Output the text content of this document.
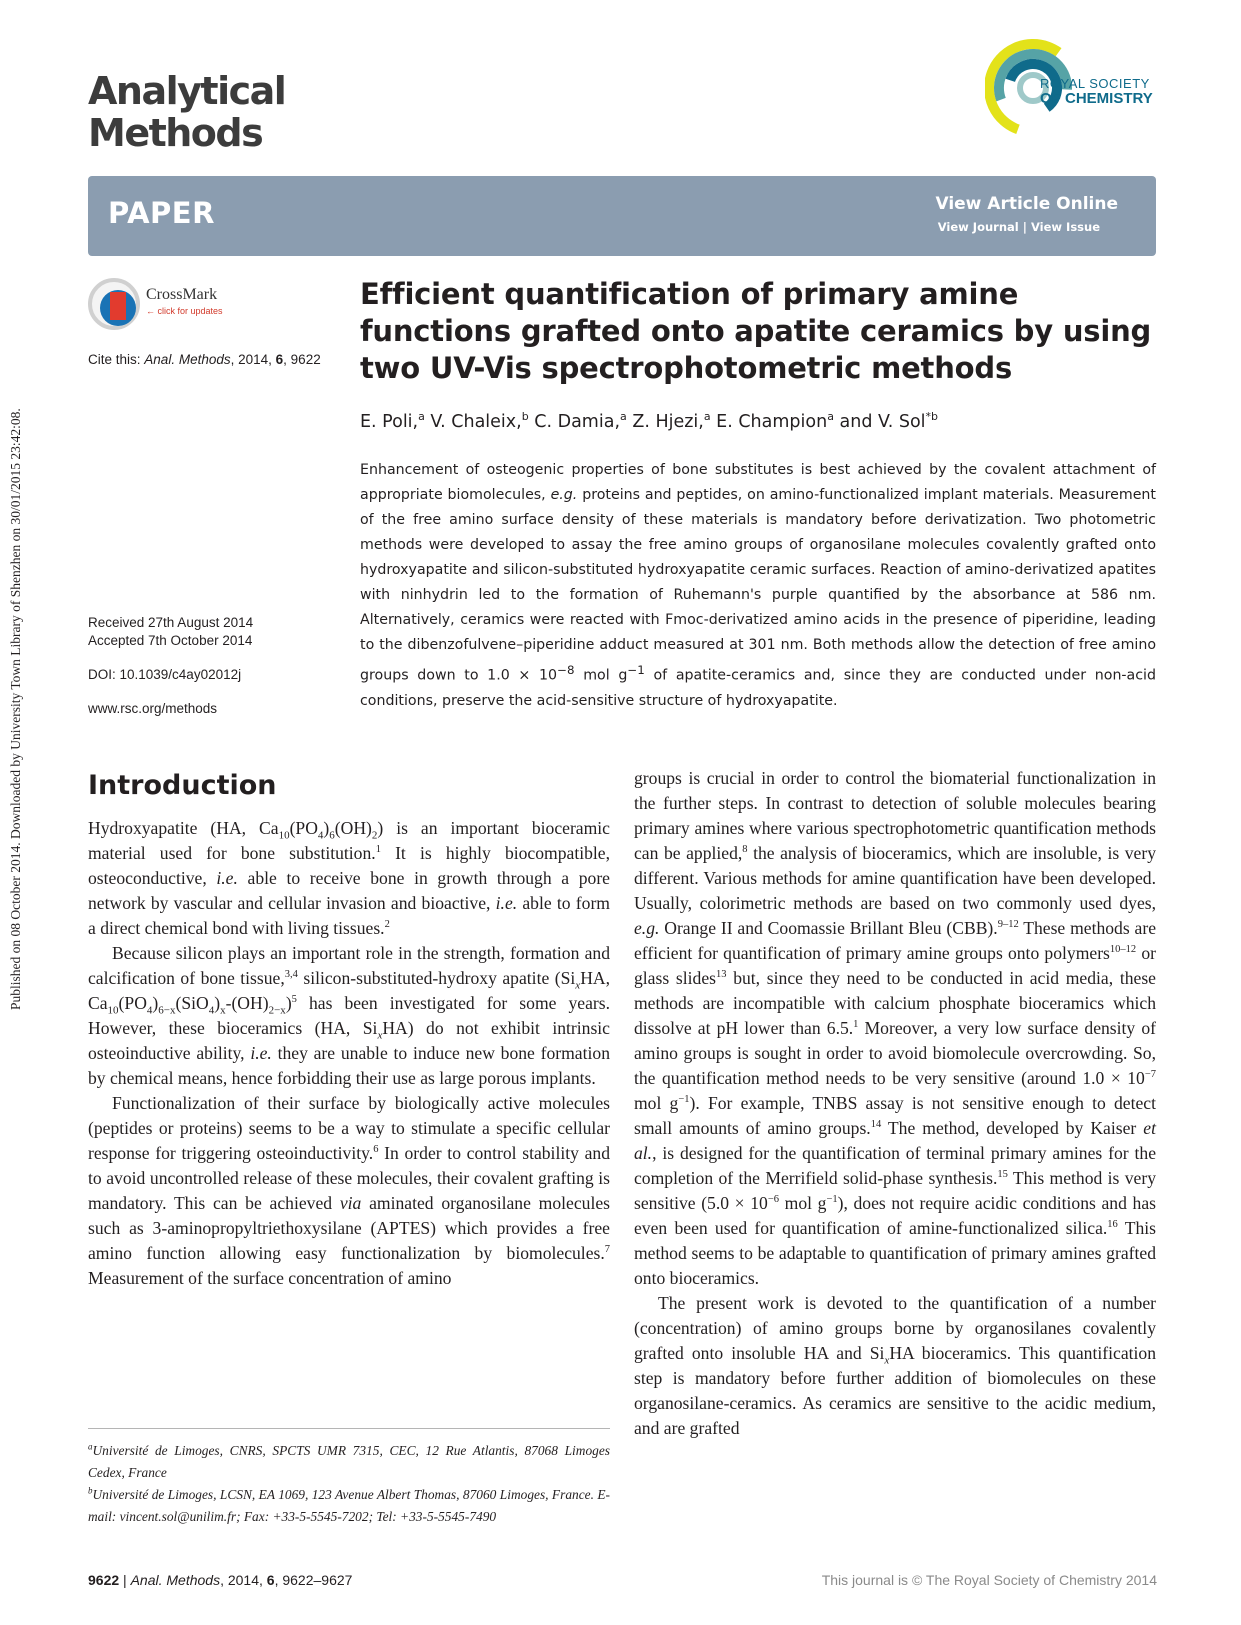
Published on 08 October 2014. Downloaded by University Town Library of Shenzhen on 30/01/2015 23:42:08.
Analytical
Methods
ROYAL SOCIETY
OF CHEMISTRY
PAPER	View Article Online
View Journal | View Issue
CrossMark
← click for updates
Cite this: Anal. Methods, 2014, 6, 9622
Received 27th August 2014
Accepted 7th October 2014
DOI: 10.1039/c4ay02012j
www.rsc.org/methods
Efficient quantification of primary amine functions grafted onto apatite ceramics by using two UV-Vis spectrophotometric methods
E. Poli,$^a$ V. Chaleix,$^b$ C. Damia,$^a$ Z. Hjezi,$^a$ E. Champion$^a$ and V. Sol$^{*b}$
Enhancement of osteogenic properties of bone substitutes is best achieved by the covalent attachment of appropriate biomolecules, e.g. proteins and peptides, on amino-functionalized implant materials. Measurement of the free amino surface density of these materials is mandatory before derivatization. Two photometric methods were developed to assay the free amino groups of organosilane molecules covalently grafted onto hydroxyapatite and silicon-substituted hydroxyapatite ceramic surfaces. Reaction of amino-derivatized apatites with ninhydrin led to the formation of Ruhemann's purple quantified by the absorbance at 586 nm. Alternatively, ceramics were reacted with Fmoc-derivatized amino acids in the presence of piperidine, leading to the dibenzofulvene–piperidine adduct measured at 301 nm. Both methods allow the detection of free amino groups down to $1.0 \times 10^{-8}$ mol $g^{-1}$ of apatite-ceramics and, since they are conducted under non-acid conditions, preserve the acid-sensitive structure of hydroxyapatite.
Introduction

Hydroxyapatite (HA, $Ca_{10}(PO_4)_6(OH)_2$) is an important bioceramic material used for bone substitution.$^1$ It is highly biocompatible, osteoconductive, i.e. able to receive bone in growth through a pore network by vascular and cellular invasion and bioactive, i.e. able to form a direct chemical bond with living tissues.$^2$

Because silicon plays an important role in the strength, formation and calcification of bone tissue,$^{3,4}$ silicon-substituted-hydroxy apatite ($Si_xHA$, $Ca_{10}(PO_4)_{6-x}(SiO_4)_x-(OH)_{2-x})^5$ has been investigated for some years. However, these bioceramics (HA, $Si_xHA$) do not exhibit intrinsic osteoinductive ability, i.e. they are unable to induce new bone formation by chemical means, hence forbidding their use as large porous implants.

Functionalization of their surface by biologically active molecules (peptides or proteins) seems to be a way to stimulate a specific cellular response for triggering osteoinductivity.$^6$ In order to control stability and to avoid uncontrolled release of these molecules, their covalent grafting is mandatory. This can be achieved via aminated organosilane molecules such as 3-aminopropyltriethoxysilane (APTES) which provides a free amino function allowing easy functionalization by biomolecules.$^7$ Measurement of the surface concentration of amino

groups is crucial in order to control the biomaterial functionalization in the further steps. In contrast to detection of soluble molecules bearing primary amines where various spectrophotometric quantification methods can be applied,$^8$ the analysis of bioceramics, which are insoluble, is very different. Various methods for amine quantification have been developed. Usually, colorimetric methods are based on two commonly used dyes, e.g. Orange II and Coomassie Brillant Bleu (CBB).$^{9-12}$ These methods are efficient for quantification of primary amine groups onto polymers$^{10-12}$ or glass slides$^{13}$ but, since they need to be conducted in acid media, these methods are incompatible with calcium phosphate bioceramics which dissolve at pH lower than 6.5.$^1$ Moreover, a very low surface density of amino groups is sought in order to avoid biomolecule overcrowding. So, the quantification method needs to be very sensitive (around $1.0 \times 10^{-7}$ mol $g^{-1}$). For example, TNBS assay is not sensitive enough to detect small amounts of amino groups.$^{14}$ The method, developed by Kaiser et al., is designed for the quantification of terminal primary amines for the completion of the Merrifield solid-phase synthesis.$^{15}$ This method is very sensitive ($5.0 \times 10^{-6}$ mol $g^{-1}$), does not require acidic conditions and has even been used for quantification of amine-functionalized silica.$^{16}$ This method seems to be adaptable to quantification of primary amines grafted onto bioceramics.

The present work is devoted to the quantification of a number (concentration) of amino groups borne by organosilanes covalently grafted onto insoluble HA and $Si_xHA$ bioceramics. This quantification step is mandatory before further addition of biomolecules on these organosilane-ceramics. As ceramics are sensitive to the acidic medium, and are grafted

$^a$Université de Limoges, CNRS, SPCTS UMR 7315, CEC, 12 Rue Atlantis, 87068 Limoges Cedex, France
$^b$Université de Limoges, LCSN, EA 1069, 123 Avenue Albert Thomas, 87060 Limoges, France. E-mail: vincent.sol@unilim.fr; Fax: +33-5-5545-7202; Tel: +33-5-5545-7490
9622 | Anal. Methods, 2014, 6, 9622–9627	This journal is © The Royal Society of Chemistry 2014
